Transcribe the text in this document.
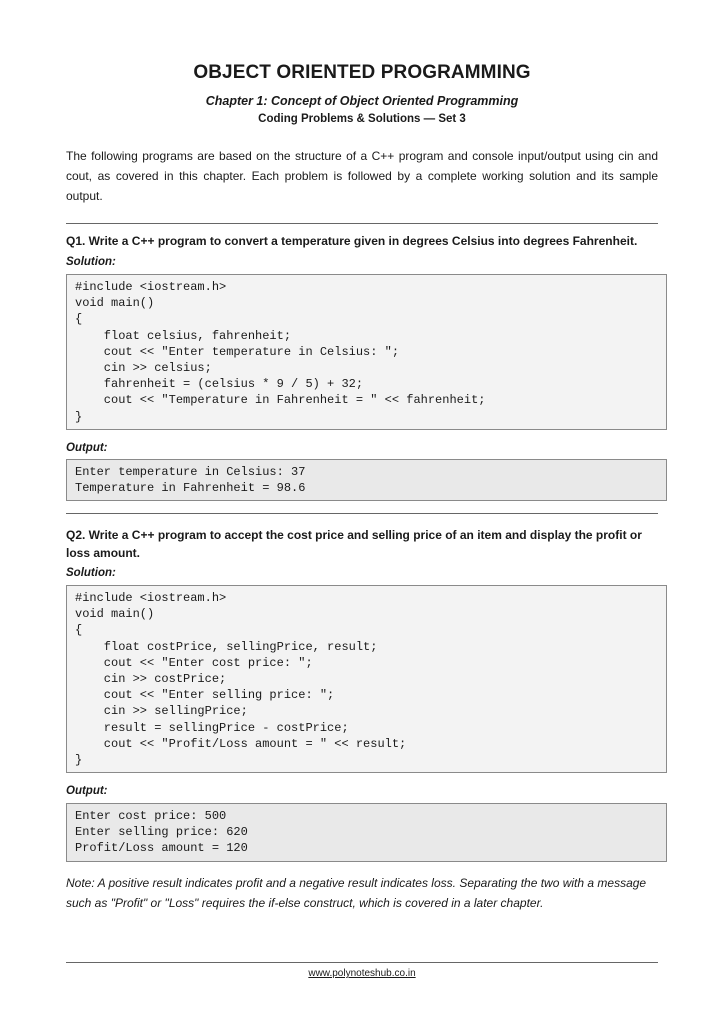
OBJECT ORIENTED PROGRAMMING
Chapter 1: Concept of Object Oriented Programming
Coding Problems & Solutions — Set 3
The following programs are based on the structure of a C++ program and console input/output using cin and cout, as covered in this chapter. Each problem is followed by a complete working solution and its sample output.
Q1. Write a C++ program to convert a temperature given in degrees Celsius into degrees Fahrenheit.
Solution:
#include <iostream.h>
void main()
{
float celsius, fahrenheit;
cout << "Enter temperature in Celsius: ";
cin >> celsius;
fahrenheit = (celsius * 9 / 5) + 32;
cout << "Temperature in Fahrenheit = " << fahrenheit;
}
Output:
Enter temperature in Celsius: 37
Temperature in Fahrenheit = 98.6
Q2. Write a C++ program to accept the cost price and selling price of an item and display the profit or loss amount.
Solution:
#include <iostream.h>
void main()
{
float costPrice, sellingPrice, result;
cout << "Enter cost price: ";
cin >> costPrice;
cout << "Enter selling price: ";
cin >> sellingPrice;
result = sellingPrice - costPrice;
cout << "Profit/Loss amount = " << result;
}
Output:
Enter cost price: 500
Enter selling price: 620
Profit/Loss amount = 120
Note: A positive result indicates profit and a negative result indicates loss. Separating the two with a message such as "Profit" or "Loss" requires the if-else construct, which is covered in a later chapter.
www.polynoteshub.co.in
